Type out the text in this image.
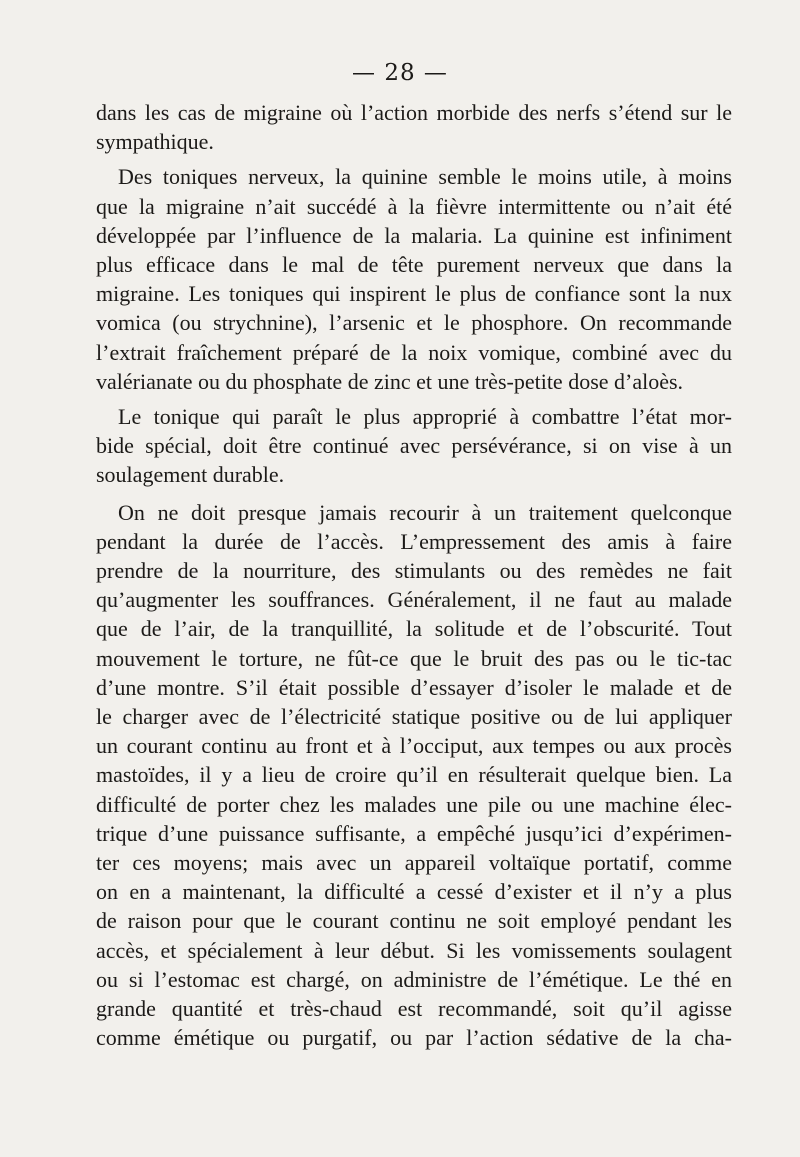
— 28 —

dans les cas de migraine où l’action morbide des nerfs s’étend sur le
sympathique.

Des toniques nerveux, la quinine semble le moins utile, à moins
que la migraine n’ait succédé à la fièvre intermittente ou n’ait été
développée par l’influence de la malaria. La quinine est infiniment
plus efficace dans le mal de tête purement nerveux que dans la
migraine. Les toniques qui inspirent le plus de confiance sont la nux
vomica (ou strychnine), l’arsenic et le phosphore. On recommande
l’extrait fraîchement préparé de la noix vomique, combiné avec du
valérianate ou du phosphate de zinc et une très-petite dose d’aloès.

Le tonique qui paraît le plus approprié à combattre l’état mor-
bide spécial, doit être continué avec persévérance, si on vise à un
soulagement durable.

On ne doit presque jamais recourir à un traitement quelconque
pendant la durée de l’accès. L’empressement des amis à faire
prendre de la nourriture, des stimulants ou des remèdes ne fait
qu’augmenter les souffrances. Généralement, il ne faut au malade
que de l’air, de la tranquillité, la solitude et de l’obscurité. Tout
mouvement le torture, ne fût-ce que le bruit des pas ou le tic-tac
d’une montre. S’il était possible d’essayer d’isoler le malade et de
le charger avec de l’électricité statique positive ou de lui appliquer
un courant continu au front et à l’occiput, aux tempes ou aux procès
mastoïdes, il y a lieu de croire qu’il en résulterait quelque bien. La
difficulté de porter chez les malades une pile ou une machine élec-
trique d’une puissance suffisante, a empêché jusqu’ici d’expérimen-
ter ces moyens; mais avec un appareil voltaïque portatif, comme
on en a maintenant, la difficulté a cessé d’exister et il n’y a plus
de raison pour que le courant continu ne soit employé pendant les
accès, et spécialement à leur début. Si les vomissements soulagent
ou si l’estomac est chargé, on administre de l’émétique. Le thé en
grande quantité et très-chaud est recommandé, soit qu’il agisse
comme émétique ou purgatif, ou par l’action sédative de la cha-
